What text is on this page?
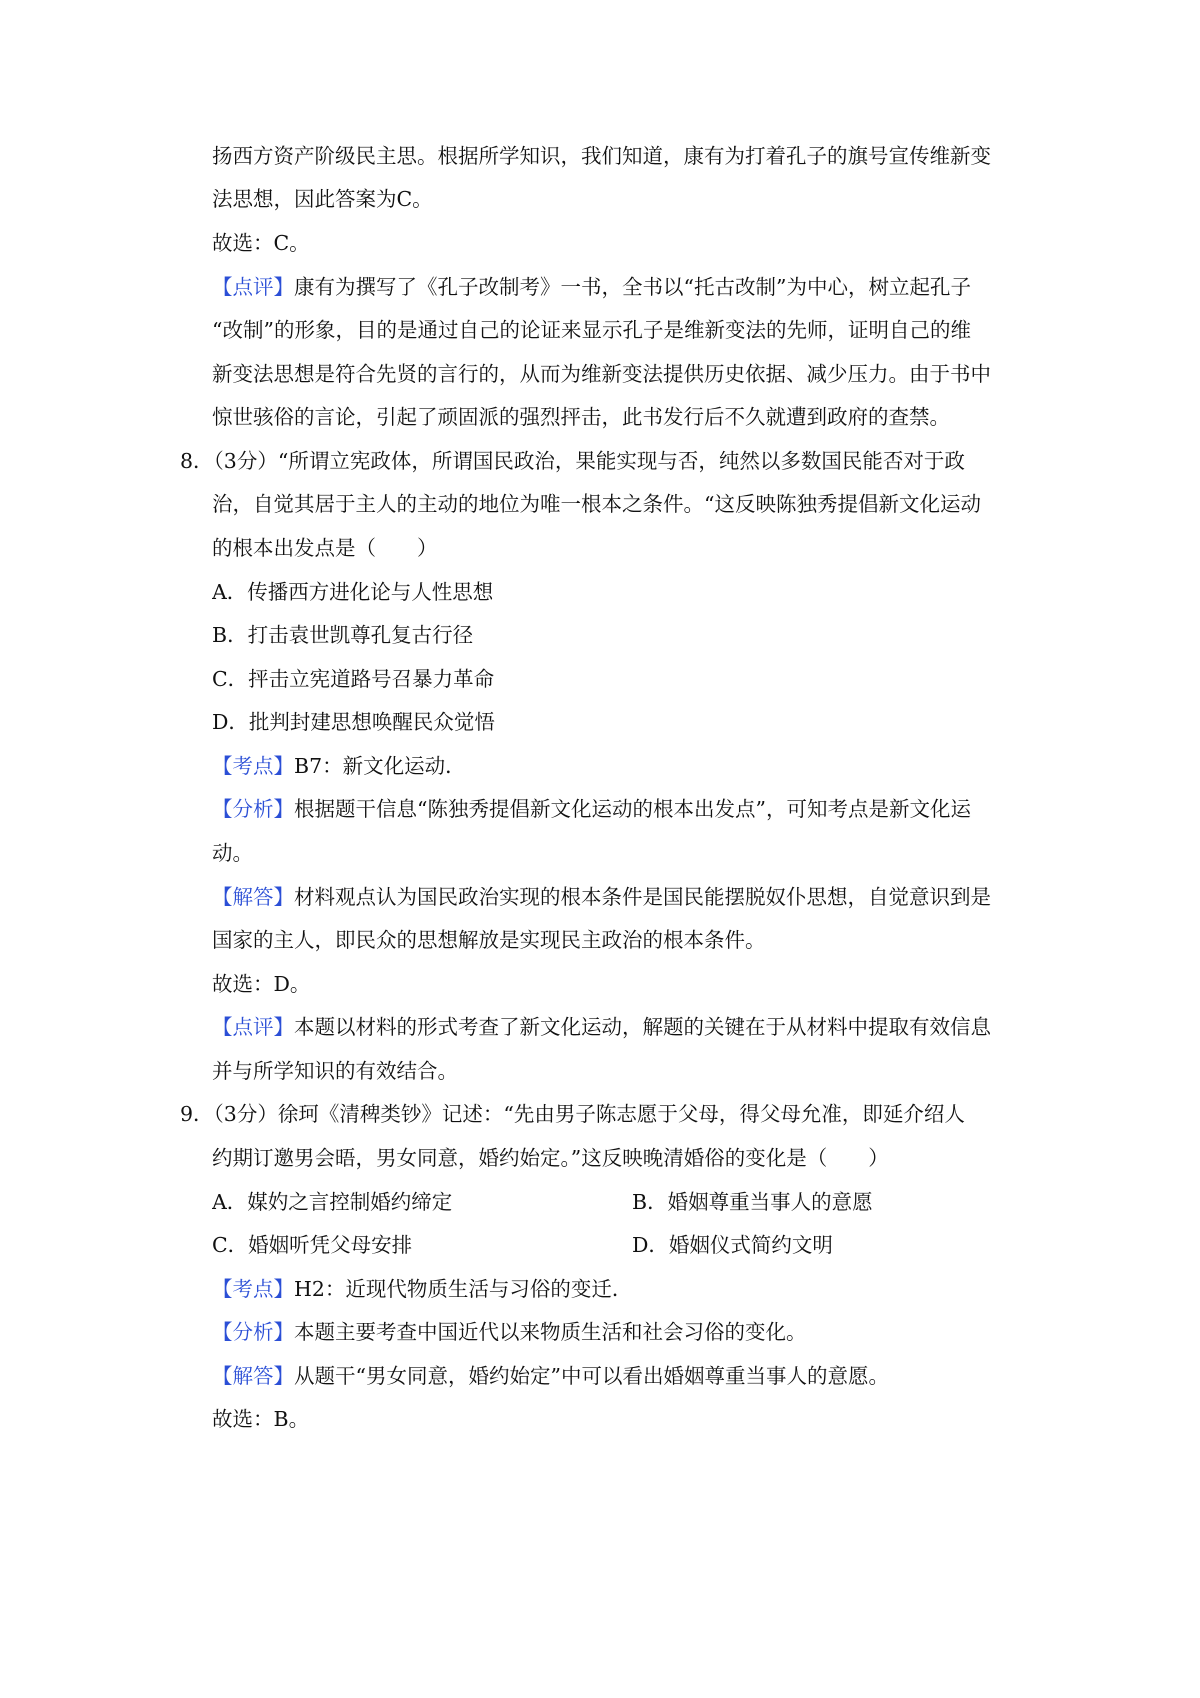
扬西方资产阶级民主思。根据所学知识，我们知道，康有为打着孔子的旗号宣传维新变
法思想，因此答案为C。
故选：C。
【点评】康有为撰写了《孔子改制考》一书，全书以“托古改制”为中心，树立起孔子
“改制”的形象，目的是通过自己的论证来显示孔子是维新变法的先师，证明自己的维
新变法思想是符合先贤的言行的，从而为维新变法提供历史依据、减少压力。由于书中
惊世骇俗的言论，引起了顽固派的强烈抨击，此书发行后不久就遭到政府的查禁。
8．（3分）“所谓立宪政体，所谓国民政治，果能实现与否，纯然以多数国民能否对于政
治，自觉其居于主人的主动的地位为唯一根本之条件。“这反映陈独秀提倡新文化运动
的根本出发点是（　　）
A．传播西方进化论与人性思想
B．打击袁世凯尊孔复古行径
C．抨击立宪道路号召暴力革命
D．批判封建思想唤醒民众觉悟
【考点】B7：新文化运动．
【分析】根据题干信息“陈独秀提倡新文化运动的根本出发点”，可知考点是新文化运
动。
【解答】材料观点认为国民政治实现的根本条件是国民能摆脱奴仆思想，自觉意识到是
国家的主人，即民众的思想解放是实现民主政治的根本条件。
故选：D。
【点评】本题以材料的形式考查了新文化运动，解题的关键在于从材料中提取有效信息
并与所学知识的有效结合。
9．（3分）徐珂《清稗类钞》记述：“先由男子陈志愿于父母，得父母允准，即延介绍人
约期订邀男会晤，男女同意，婚约始定。”这反映晚清婚俗的变化是（　　）
A．媒妁之言控制婚约缔定	B．婚姻尊重当事人的意愿
C．婚姻听凭父母安排	D．婚姻仪式简约文明
【考点】H2：近现代物质生活与习俗的变迁．
【分析】本题主要考查中国近代以来物质生活和社会习俗的变化。
【解答】从题干“男女同意，婚约始定”中可以看出婚姻尊重当事人的意愿。
故选：B。
